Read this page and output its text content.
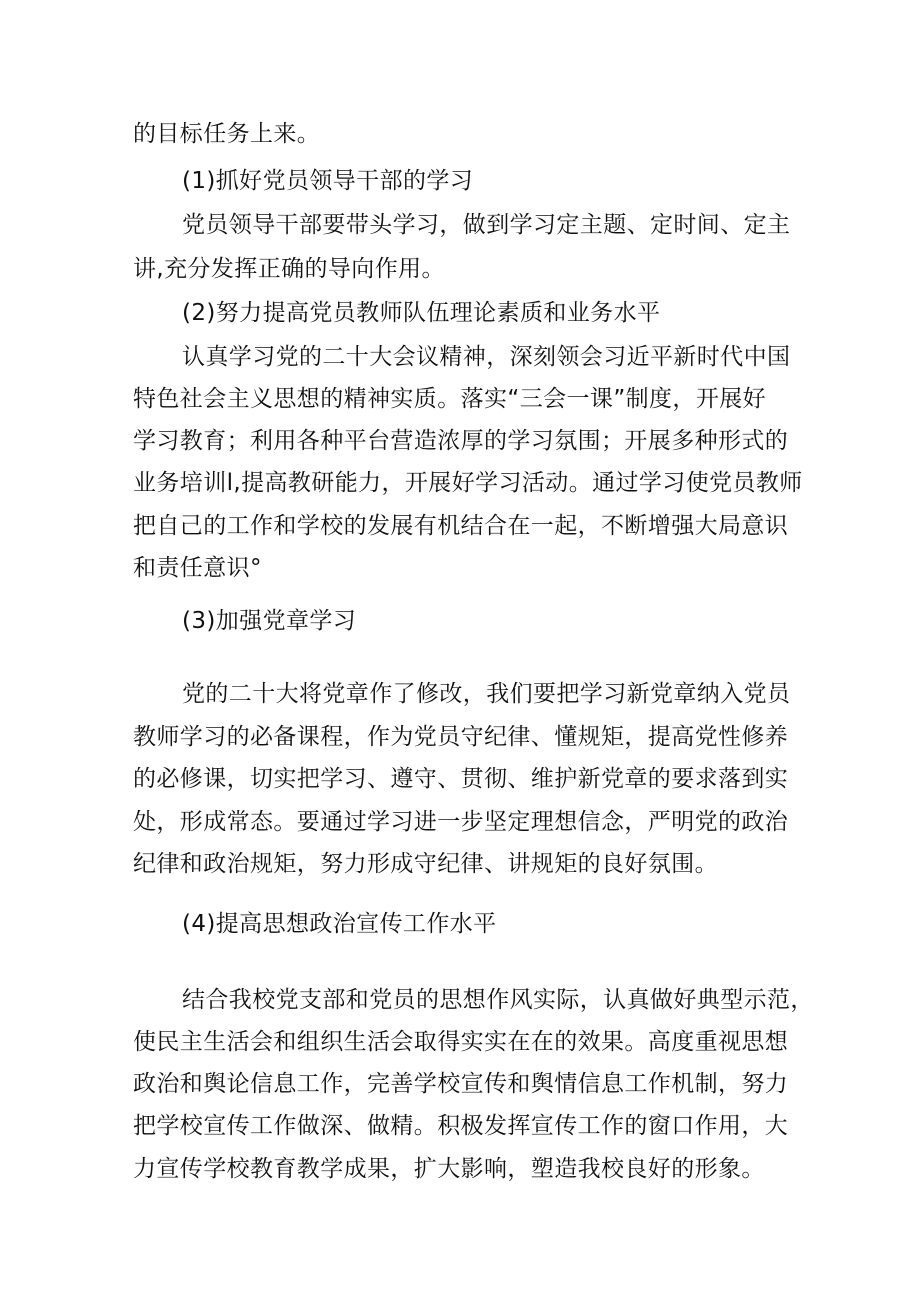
的目标任务上来。
(1)抓好党员领导干部的学习
党员领导干部要带头学习，做到学习定主题、定时间、定主
讲,充分发挥正确的导向作用。
(2)努力提高党员教师队伍理论素质和业务水平
认真学习党的二十大会议精神，深刻领会习近平新时代中国
特色社会主义思想的精神实质。落实“三会一课”制度，开展好
学习教育；利用各种平台营造浓厚的学习氛围；开展多种形式的
业务培训l,提高教研能力，开展好学习活动。通过学习使党员教师
把自己的工作和学校的发展有机结合在一起，不断增强大局意识
和责任意识°
(3)加强党章学习
党的二十大将党章作了修改，我们要把学习新党章纳入党员
教师学习的必备课程，作为党员守纪律、懂规矩，提高党性修养
的必修课，切实把学习、遵守、贯彻、维护新党章的要求落到实
处，形成常态。要通过学习进一步坚定理想信念，严明党的政治
纪律和政治规矩，努力形成守纪律、讲规矩的良好氛围。
(4)提高思想政治宣传工作水平
结合我校党支部和党员的思想作风实际，认真做好典型示范，
使民主生活会和组织生活会取得实实在在的效果。高度重视思想
政治和舆论信息工作，完善学校宣传和舆情信息工作机制，努力
把学校宣传工作做深、做精。积极发挥宣传工作的窗口作用，大
力宣传学校教育教学成果，扩大影响，塑造我校良好的形象。
